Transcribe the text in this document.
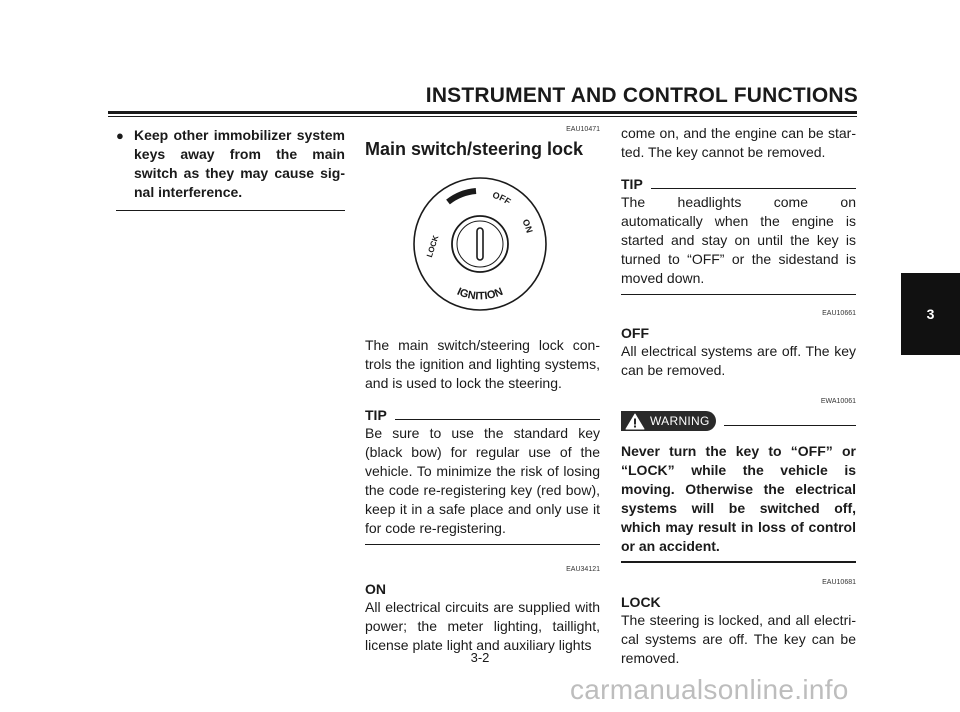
INSTRUMENT AND CONTROL FUNCTIONS
3
● Keep other immobilizer system keys away from the main switch as they may cause sig-nal interference.

EAU10471
Main switch/steering lock
OFF
ON
LOCK
IGNITION

The main switch/steering lock con-trols the ignition and lighting systems, and is used to lock the steering.

TIP

Be sure to use the standard key (black bow) for regular use of the vehicle. To minimize the risk of losing the code re-registering key (red bow), keep it in a safe place and only use it for code re-registering.

EAU34121
ON

All electrical circuits are supplied with power; the meter lighting, taillight, license plate light and auxiliary lights

come on, and the engine can be star-ted. The key cannot be removed.

TIP

The headlights come on automatically when the engine is started and stay on until the key is turned to “OFF” or the sidestand is moved down.

EAU10661
OFF

All electrical systems are off. The key can be removed.

EWA10061
WARNING

Never turn the key to “OFF” or “LOCK” while the vehicle is moving. Otherwise the electrical systems will be switched off, which may result in loss of control or an accident.

EAU10681
LOCK

The steering is locked, and all electri-cal systems are off. The key can be removed.

3-2
carmanualsonline.info
